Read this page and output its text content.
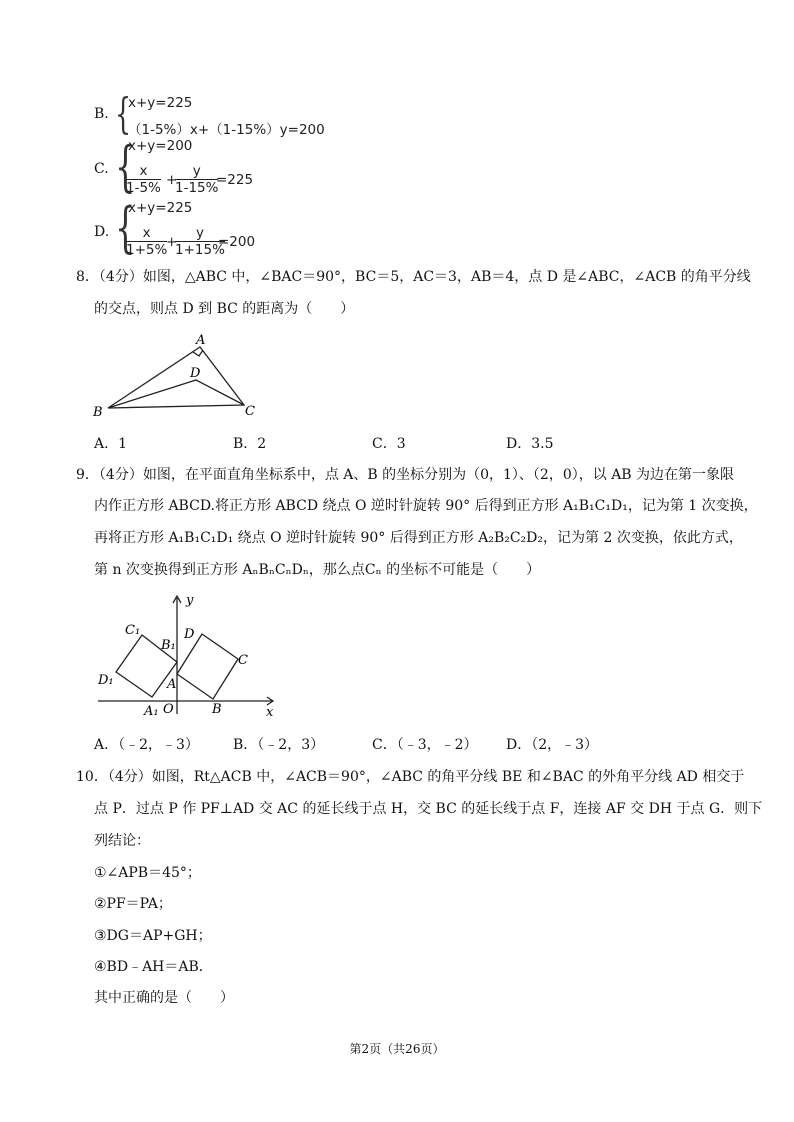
B. {
x+y=225
（1-5%）x+（1-15%）y=200
C. {
x+y=200
$\frac{x}{1-5\%}$ +
$\frac{y}{1-15\%}$
=225
D. {
x+y=225
$\frac{x}{1+5\%}$
+
$\frac{y}{1+15\%}$
=200
8．（4分）如图，△ABC 中，∠BAC＝90°，BC＝5，AC＝3，AB＝4，点 D 是∠ABC，∠ACB 的角平分线
的交点，则点 D 到 BC 的距离为（　　）
A
B	C
D
A．1	B．2	C．3	D．3.5
9．（4分）如图，在平面直角坐标系中，点 A、B 的坐标分别为（0，1）、（2，0），以 AB 为边在第一象限
内作正方形 ABCD.将正方形 ABCD 绕点 O 逆时针旋转 90° 后得到正方形 A₁B₁C₁D₁，记为第 1 次变换，
再将正方形 A₁B₁C₁D₁ 绕点 O 逆时针旋转 90° 后得到正方形 A₂B₂C₂D₂，记为第 2 次变换，依此方式，
第 n 次变换得到正方形 AₙBₙCₙDₙ，那么点Cₙ 的坐标不可能是（　　）
y
x
O
A
B
C
D
A₁
B₁
C₁
D₁
A．（﹣2，﹣3） B．（﹣2，3）	C．（﹣3，﹣2） D．（2，﹣3）
10．（4分）如图，Rt△ACB 中，∠ACB＝90°，∠ABC 的角平分线 BE 和∠BAC 的外角平分线 AD 相交于
点 P．过点 P 作 PF⊥AD 交 AC 的延长线于点 H，交 BC 的延长线于点 F，连接 AF 交 DH 于点 G．则下
列结论：
①∠APB＝45°；
②PF＝PA；
③DG＝AP+GH；
④BD﹣AH＝AB．
其中正确的是（　　）
第2页（共26页）
